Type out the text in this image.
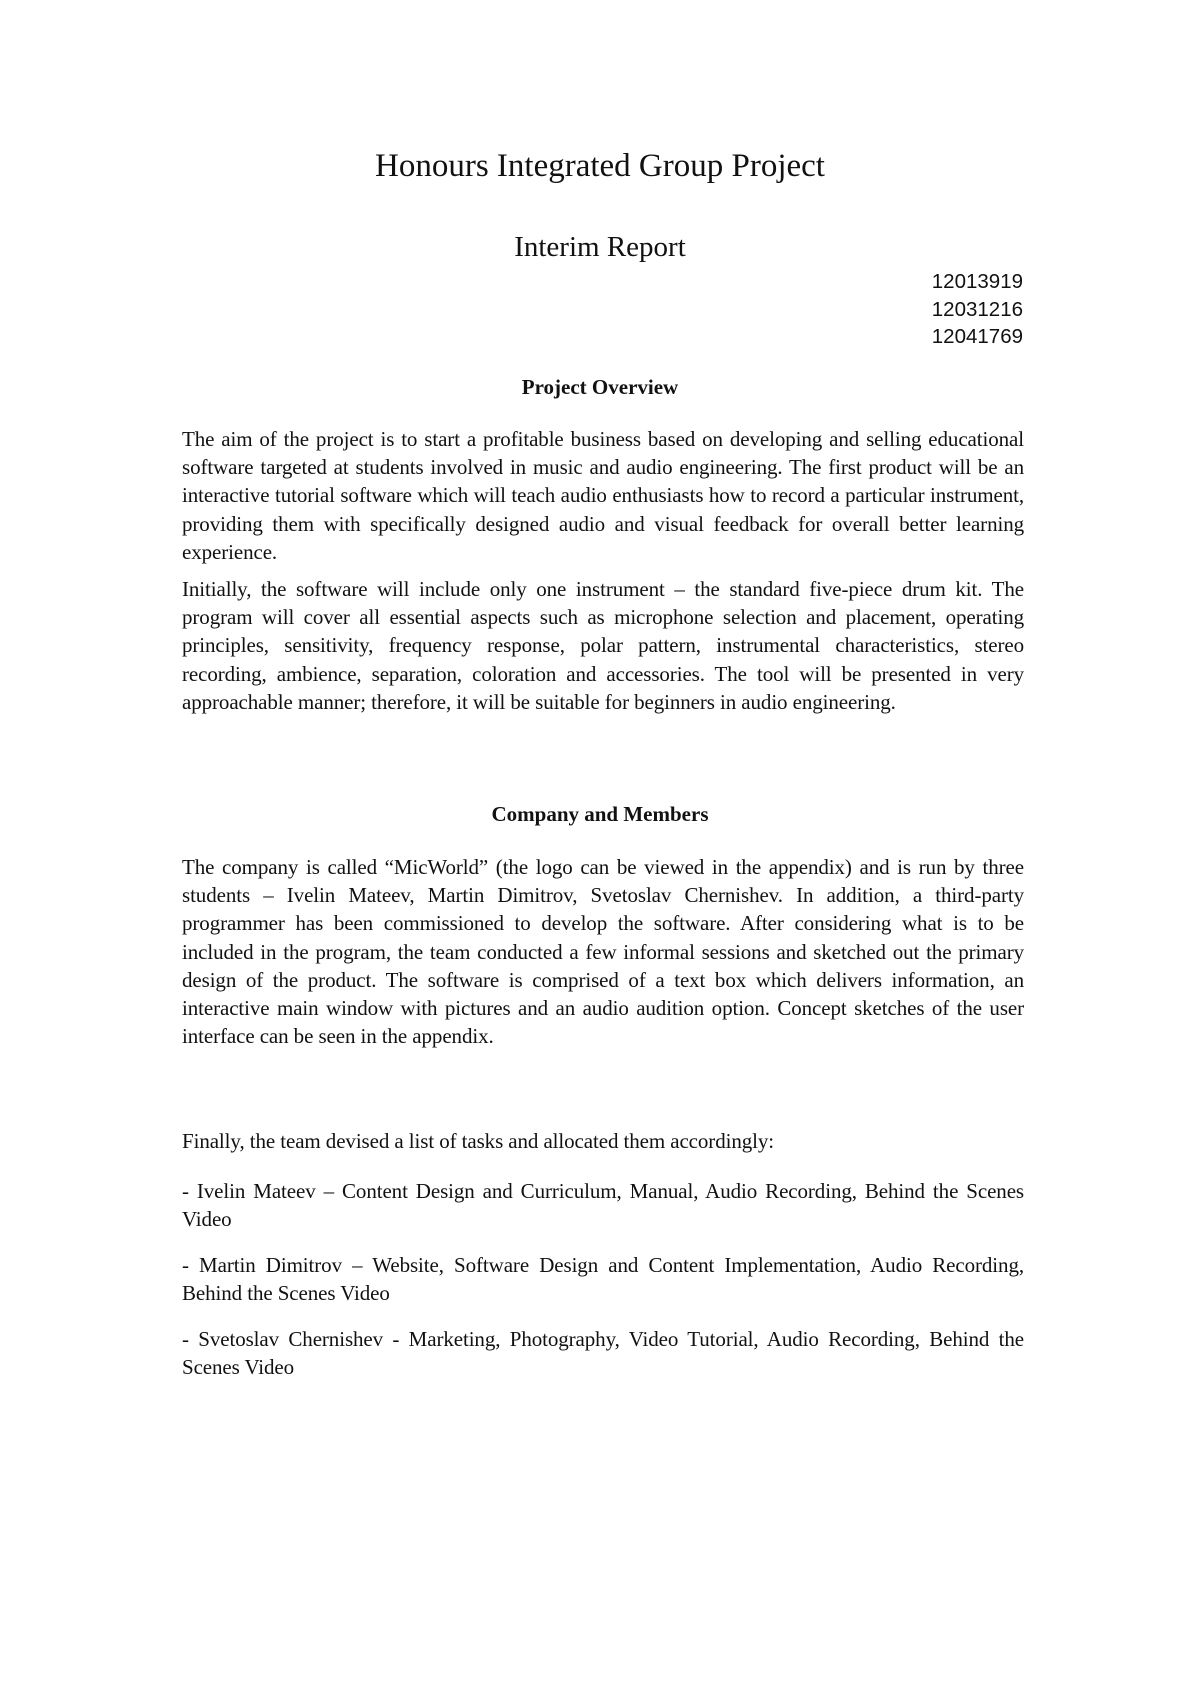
Honours Integrated Group Project
Interim Report
12013919
12031216
12041769
Project Overview

The aim of the project is to start a profitable business based on developing and selling educational software targeted at students involved in music and audio engineering. The first product will be an interactive tutorial software which will teach audio enthusiasts how to record a particular instrument, providing them with specifically designed audio and visual feedback for overall better learning experience.

Initially, the software will include only one instrument – the standard five-piece drum kit. The program will cover all essential aspects such as microphone selection and placement, operating principles, sensitivity, frequency response, polar pattern, instrumental characteristics, stereo recording, ambience, separation, coloration and accessories. The tool will be presented in very approachable manner; therefore, it will be suitable for beginners in audio engineering.

Company and Members

The company is called “MicWorld” (the logo can be viewed in the appendix) and is run by three students – Ivelin Mateev, Martin Dimitrov, Svetoslav Chernishev. In addition, a third-party programmer has been commissioned to develop the software. After considering what is to be included in the program, the team conducted a few informal sessions and sketched out the primary design of the product. The software is comprised of a text box which delivers information, an interactive main window with pictures and an audio audition option. Concept sketches of the user interface can be seen in the appendix.

Finally, the team devised a list of tasks and allocated them accordingly:

- Ivelin Mateev – Content Design and Curriculum, Manual, Audio Recording, Behind the Scenes Video

- Martin Dimitrov – Website, Software Design and Content Implementation, Audio Recording, Behind the Scenes Video

- Svetoslav Chernishev - Marketing, Photography, Video Tutorial, Audio Recording, Behind the Scenes Video
